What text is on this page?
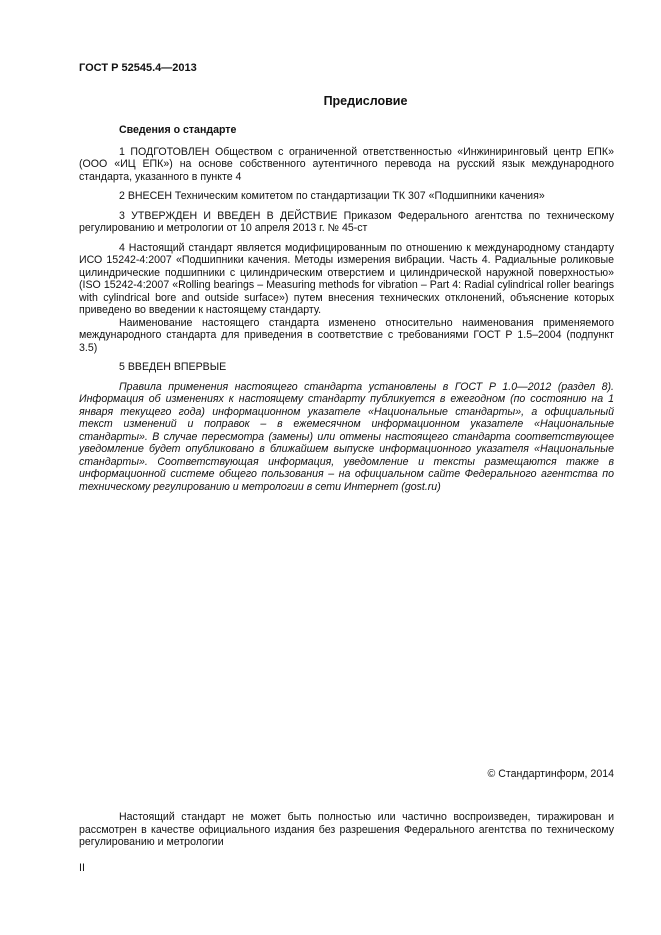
ГОСТ Р 52545.4—2013
Предисловие

Сведения о стандарте

1 ПОДГОТОВЛЕН Обществом с ограниченной ответственностью «Инжиниринговый центр ЕПК» (ООО «ИЦ ЕПК») на основе собственного аутентичного перевода на русский язык международного стандарта, указанного в пункте 4

2 ВНЕСЕН Техническим комитетом по стандартизации ТК 307 «Подшипники качения»

3 УТВЕРЖДЕН И ВВЕДЕН В ДЕЙСТВИЕ Приказом Федерального агентства по техническому регулированию и метрологии от 10 апреля 2013 г. № 45-ст

4 Настоящий стандарт является модифицированным по отношению к международному стандарту ИСО 15242-4:2007 «Подшипники качения. Методы измерения вибрации. Часть 4. Радиальные роликовые цилиндрические подшипники с цилиндрическим отверстием и цилиндрической наружной поверхностью» (ISO 15242-4:2007 «Rolling bearings – Measuring methods for vibration – Part 4: Radial cylindrical roller bearings with cylindrical bore and outside surface») путем внесения технических отклонений, объяснение которых приведено во введении к настоящему стандарту.

Наименование настоящего стандарта изменено относительно наименования применяемого международного стандарта для приведения в соответствие с требованиями ГОСТ Р 1.5–2004 (подпункт 3.5)

5 ВВЕДЕН ВПЕРВЫЕ

Правила применения настоящего стандарта установлены в ГОСТ Р 1.0—2012 (раздел 8). Информация об изменениях к настоящему стандарту публикуется в ежегодном (по состоянию на 1 января текущего года) информационном указателе «Национальные стандарты», а официальный текст изменений и поправок – в ежемесячном информационном указателе «Национальные стандарты». В случае пересмотра (замены) или отмены настоящего стандарта соответствующее уведомление будет опубликовано в ближайшем выпуске информационного указателя «Национальные стандарты». Соответствующая информация, уведомление и тексты размещаются также в информационной системе общего пользования – на официальном сайте Федерального агентства по техническому регулированию и метрологии в сети Интернет (gost.ru)

© Стандартинформ, 2014
Настоящий стандарт не может быть полностью или частично воспроизведен, тиражирован и рассмотрен в качестве официального издания без разрешения Федерального агентства по техническому регулированию и метрологии
II
